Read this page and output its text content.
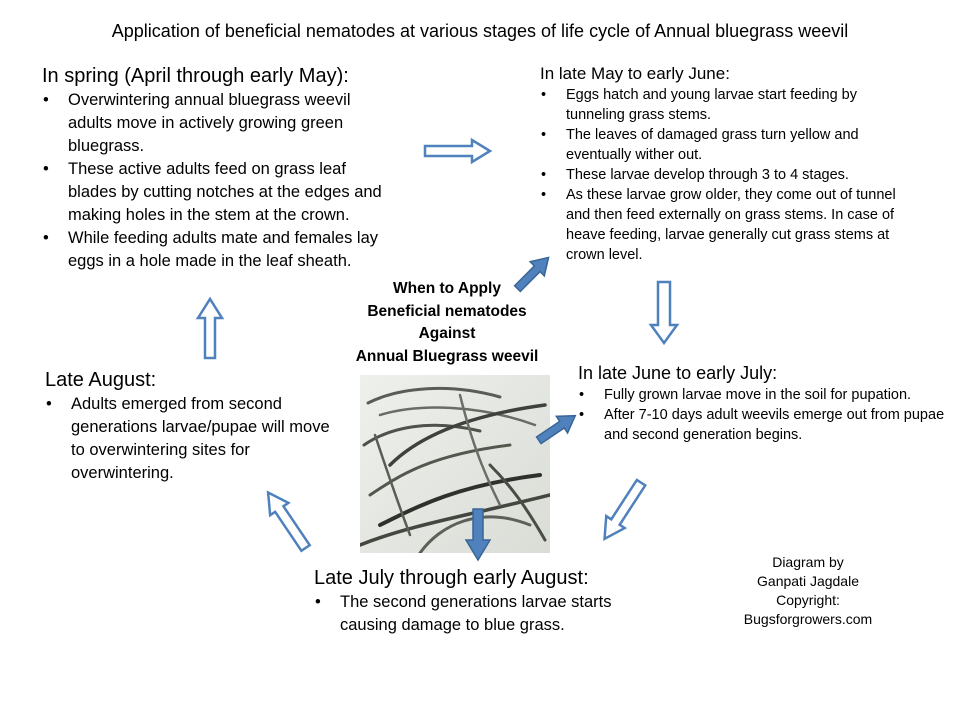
Application of beneficial nematodes at various stages of life cycle of Annual bluegrass weevil
In spring (April through early May):
• Overwintering annual bluegrass weevil adults move in actively growing green bluegrass.
• These active adults feed on grass leaf blades by cutting notches at the edges and making holes in the stem at the crown.
• While feeding adults mate and females lay eggs in a hole made in the leaf sheath.
In late May to early June:
• Eggs hatch and young larvae start feeding by tunneling grass stems.
• The leaves of damaged grass turn yellow and eventually wither out.
• These larvae develop through 3 to 4 stages.
• As these larvae grow older, they come out of tunnel and then feed externally on grass stems. In case of heave feeding, larvae generally cut grass stems at crown level.
In late June to early July:
• Fully grown larvae move in the soil for pupation.
• After 7-10 days adult weevils emerge out from pupae and second generation begins.
Late August:
• Adults emerged from second generations larvae/pupae will move to overwintering sites for overwintering.
Late July through early August:
• The second generations larvae starts causing damage to blue grass.
When to Apply
Beneficial nematodes
Against
Annual Bluegrass weevil
Diagram by
Ganpati Jagdale
Copyright:
Bugsforgrowers.com
